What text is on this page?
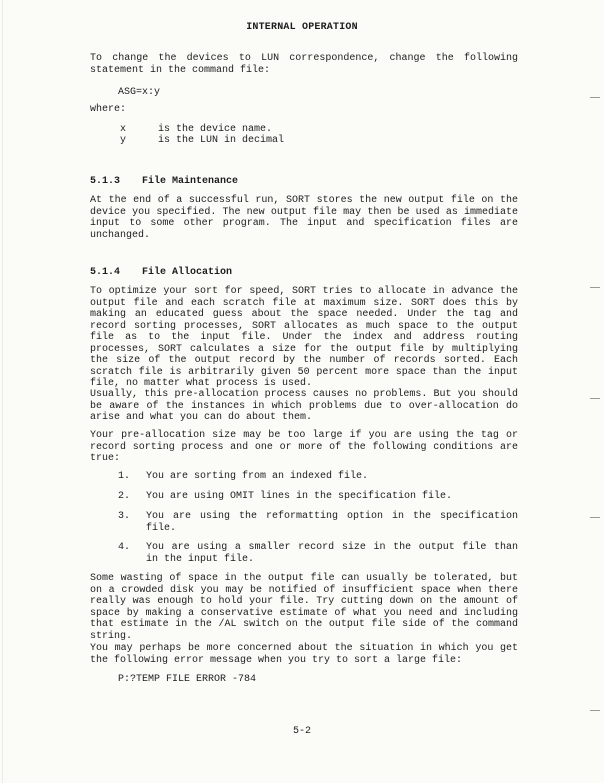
INTERNAL OPERATION

To change the devices to LUN correspondence, change the following statement in the command file:

ASG=x:y

where:

x	is the device name.
y	is the LUN in decimal

5.1.3 File Maintenance

At the end of a successful run, SORT stores the new output file on the device you specified. The new output file may then be used as immediate input to some other program. The input and specification files are unchanged.

5.1.4 File Allocation

To optimize your sort for speed, SORT tries to allocate in advance the output file and each scratch file at maximum size. SORT does this by making an educated guess about the space needed. Under the tag and record sorting processes, SORT allocates as much space to the output file as to the input file. Under the index and address routing processes, SORT calculates a size for the output file by multiplying the size of the output record by the number of records sorted. Each scratch file is arbitrarily given 50 percent more space than the input file, no matter what process is used.

Usually, this pre-allocation process causes no problems. But you should be aware of the instances in which problems due to over-allocation do arise and what you can do about them.

Your pre-allocation size may be too large if you are using the tag or record sorting process and one or more of the following conditions are true:

1. You are sorting from an indexed file.
2. You are using OMIT lines in the specification file.
3. You are using the reformatting option in the specification file.
4. You are using a smaller record size in the output file than in the input file.

Some wasting of space in the output file can usually be tolerated, but on a crowded disk you may be notified of insufficient space when there really was enough to hold your file. Try cutting down on the amount of space by making a conservative estimate of what you need and including that estimate in the /AL switch on the output file side of the command string.

You may perhaps be more concerned about the situation in which you get the following error message when you try to sort a large file:

P:?TEMP FILE ERROR -784

5-2
